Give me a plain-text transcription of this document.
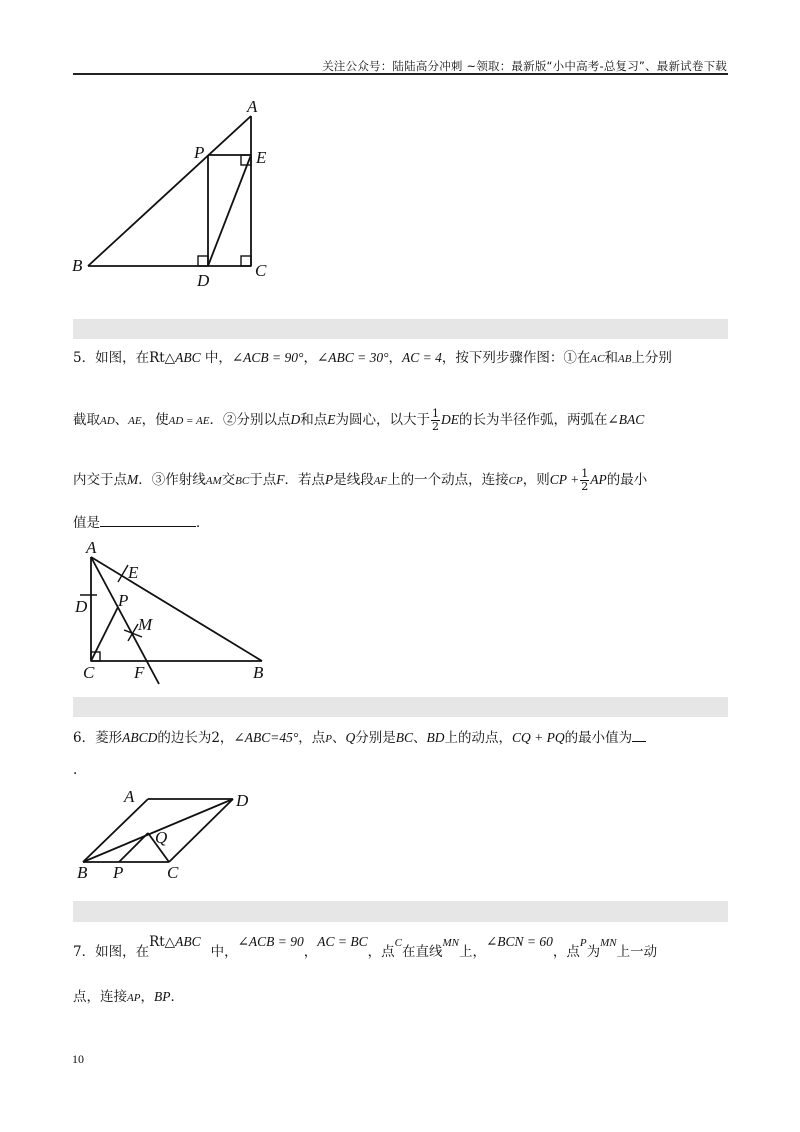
关注公众号：陆陆高分冲刺 ~领取：最新版“小中高考-总复习”、最新试卷下载
A
P	E
B
D
C
5．如图，在Rt△ABC 中，∠ACB = 90°，∠ABC = 30°，AC = 4，按下列步骤作图：①在AC和AB上分别
截取AD、AE，使AD = AE．②分别以点D和点E为圆心，以大于 $\frac{1}{2}$ DE的长为半径作弧，两弧在∠BAC
内交于点M．③作射线AM交BC于点F．若点P是线段AF上的一个动点，连接CP，则CP + $\frac{1}{2}$ AP的最小
值是	．
A
E
D P
M
C F	B
6．菱形ABCD的边长为2，∠ABC=45°，点P、Q分别是BC、BD上的动点，CQ + PQ的最小值为
.
A	D
Q
B P	C
7．如图，在Rt△ABC中，∠ACB = 90，AC = BC，点$^C$在直线$^{MN}$上，∠BCN = 60，点$^P$为$^{MN}$上一动
点，连接AP，BP．
10
